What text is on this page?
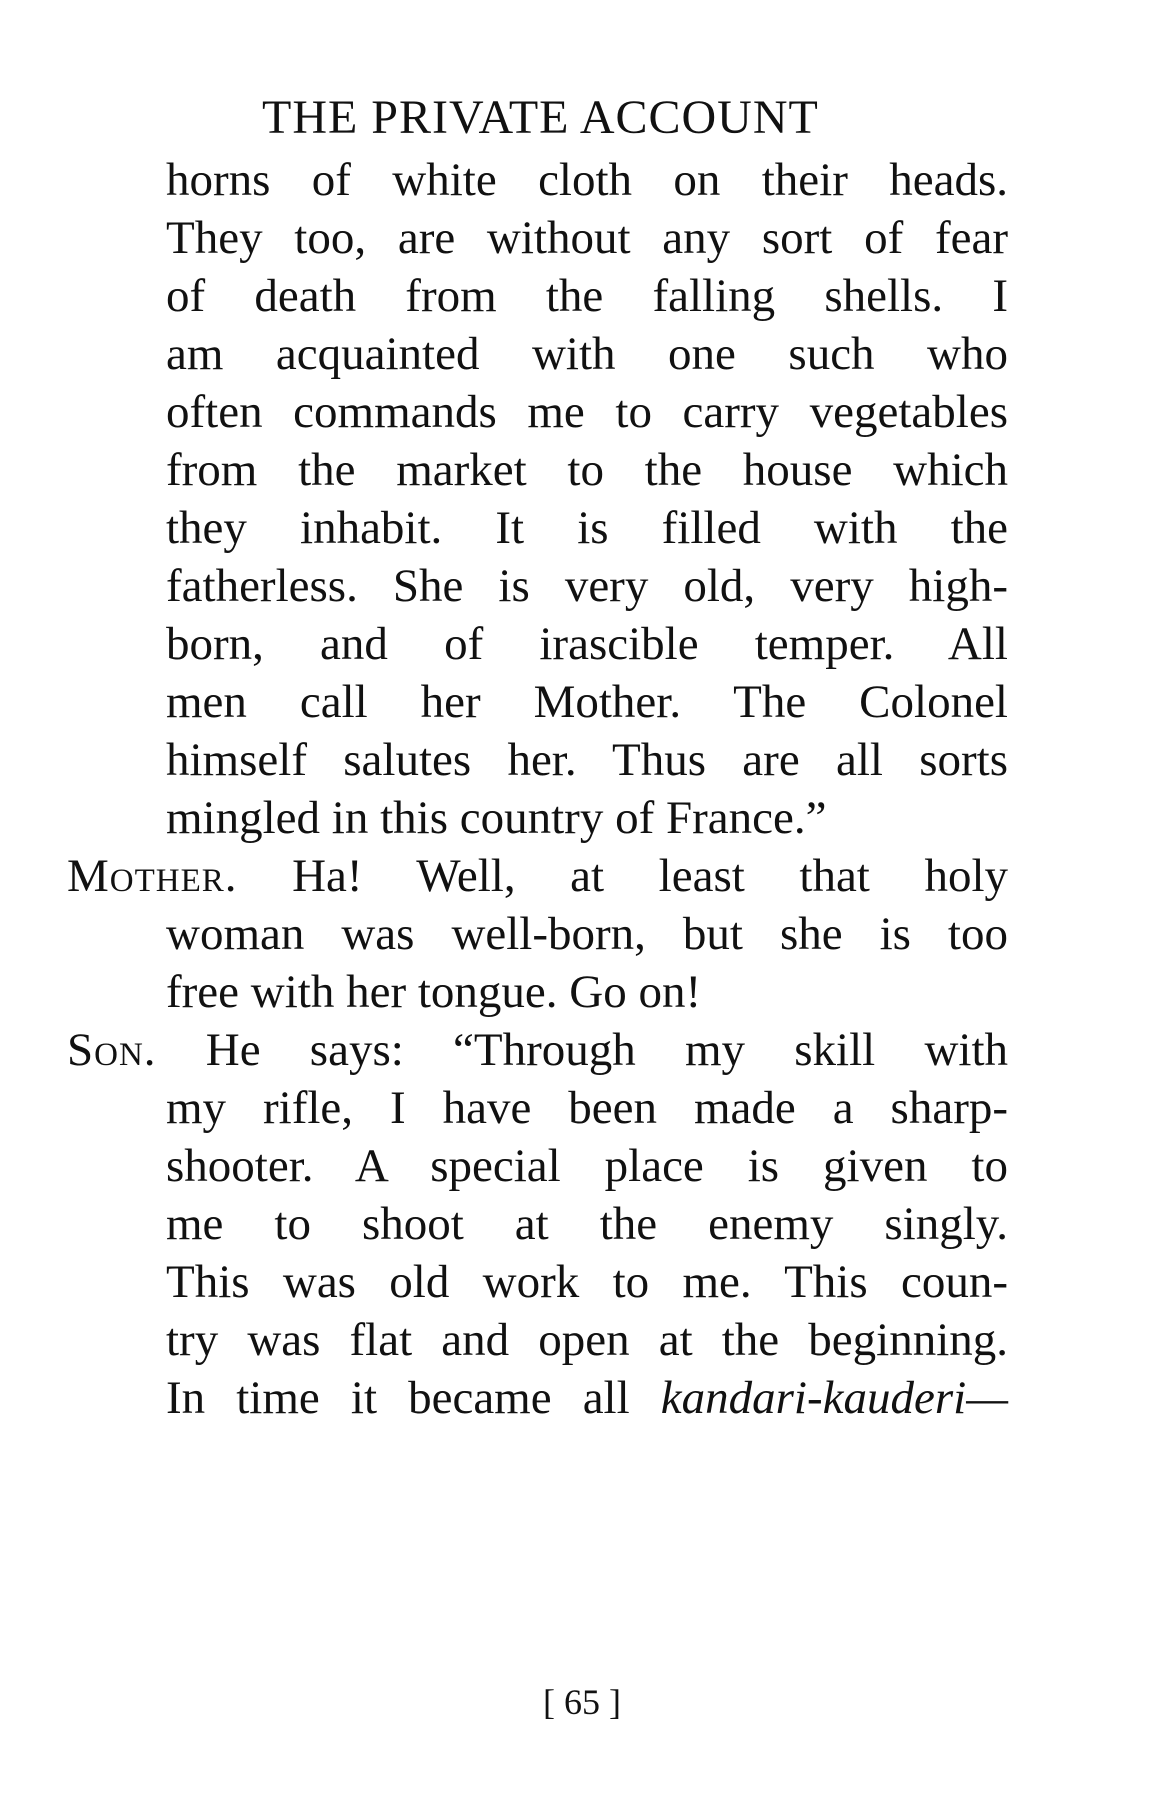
THE PRIVATE ACCOUNT
horns of white cloth on their heads.
They too, are without any sort of fear
of death from the falling shells. I
am acquainted with one such who
often commands me to carry vegetables
from the market to the house which
they inhabit. It is filled with the
fatherless. She is very old, very high-
born, and of irascible temper. All
men call her Mother. The Colonel
himself salutes her. Thus are all sorts
mingled in this country of France.”
Mother. Ha! Well, at least that holy
woman was well-born, but she is too
free with her tongue. Go on!
Son. He says: “Through my skill with
my rifle, I have been made a sharp-
shooter. A special place is given to
me to shoot at the enemy singly.
This was old work to me. This coun-
try was flat and open at the beginning.
In time it became all kandari-kauderi—
[ 65 ]
